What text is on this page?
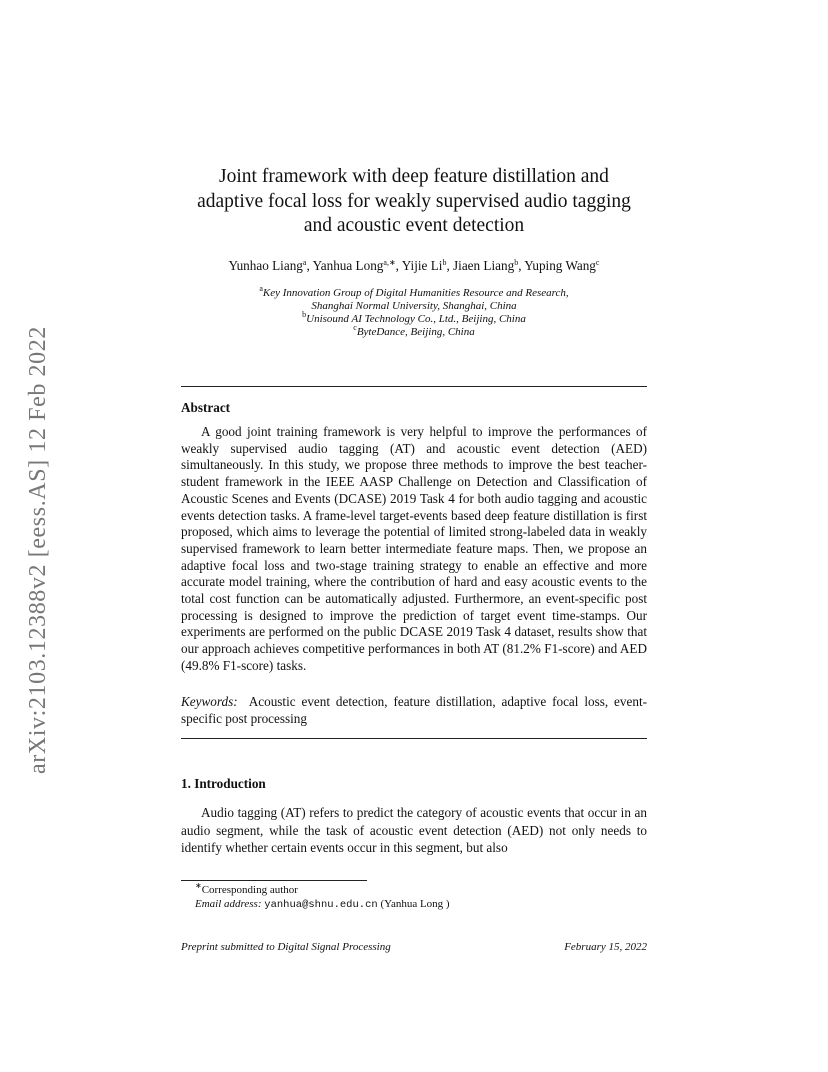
arXiv:2103.12388v2 [eess.AS] 12 Feb 2022
Joint framework with deep feature distillation and
adaptive focal loss for weakly supervised audio tagging
and acoustic event detection
Yunhao Liang$^a$, Yanhua Long$^{a,∗}$, Yijie Li$^b$, Jiaen Liang$^b$, Yuping Wang$^c$
$^a$Key Innovation Group of Digital Humanities Resource and Research,
Shanghai Normal University, Shanghai, China
$^b$Unisound AI Technology Co., Ltd., Beijing, China
$^c$ByteDance, Beijing, China
Abstract

A good joint training framework is very helpful to improve the performances of weakly supervised audio tagging (AT) and acoustic event detection (AED) simultaneously. In this study, we propose three methods to improve the best teacher-student framework in the IEEE AASP Challenge on Detection and Classification of Acoustic Scenes and Events (DCASE) 2019 Task 4 for both audio tagging and acoustic events detection tasks. A frame-level target-events based deep feature distillation is first proposed, which aims to leverage the potential of limited strong-labeled data in weakly supervised framework to learn better intermediate feature maps. Then, we propose an adaptive focal loss and two-stage training strategy to enable an effective and more accurate model training, where the contribution of hard and easy acoustic events to the total cost function can be automatically adjusted. Furthermore, an event-specific post processing is designed to improve the prediction of target event time-stamps. Our experiments are performed on the public DCASE 2019 Task 4 dataset, results show that our approach achieves competitive performances in both AT (81.2% F1-score) and AED (49.8% F1-score) tasks.

Keywords: Acoustic event detection, feature distillation, adaptive focal loss, event-specific post processing
1. Introduction

Audio tagging (AT) refers to predict the category of acoustic events that occur in an audio segment, while the task of acoustic event detection (AED) not only needs to identify whether certain events occur in this segment, but also

∗Corresponding author
Email address: yanhua@shnu.edu.cn (Yanhua Long )
Preprint submitted to Digital Signal Processing	February 15, 2022
